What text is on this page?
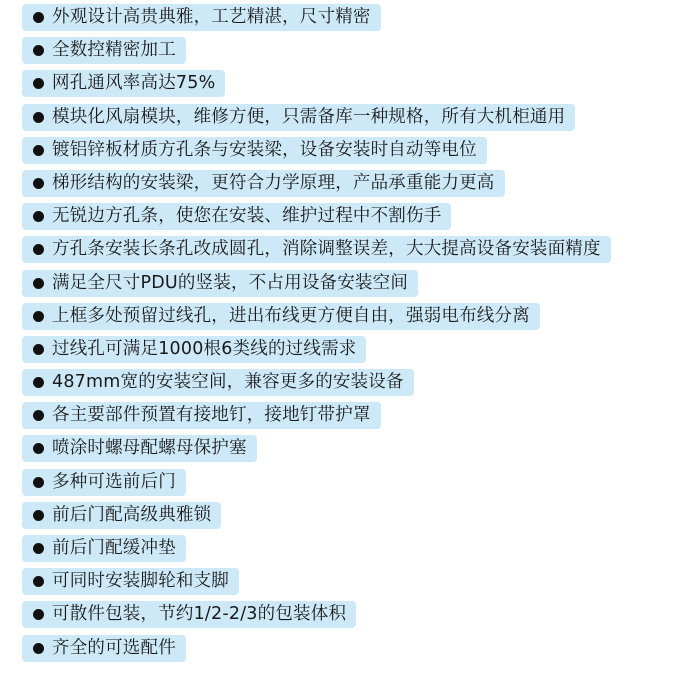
外观设计高贵典雅，工艺精湛，尺寸精密
全数控精密加工
网孔通风率高达75%
模块化风扇模块，维修方便，只需备库一种规格，所有大机柜通用
镀铝锌板材质方孔条与安装梁，设备安装时自动等电位
梯形结构的安装梁，更符合力学原理，产品承重能力更高
无锐边方孔条，使您在安装、维护过程中不割伤手
方孔条安装长条孔改成圆孔，消除调整误差，大大提高设备安装面精度
满足全尺寸PDU的竖装，不占用设备安装空间
上框多处预留过线孔，进出布线更方便自由，强弱电布线分离
过线孔可满足1000根6类线的过线需求
487mm宽的安装空间，兼容更多的安装设备
各主要部件预置有接地钉，接地钉带护罩
喷涂时螺母配螺母保护塞
多种可选前后门
前后门配高级典雅锁
前后门配缓冲垫
可同时安装脚轮和支脚
可散件包装，节约1/2-2/3的包装体积
齐全的可选配件
